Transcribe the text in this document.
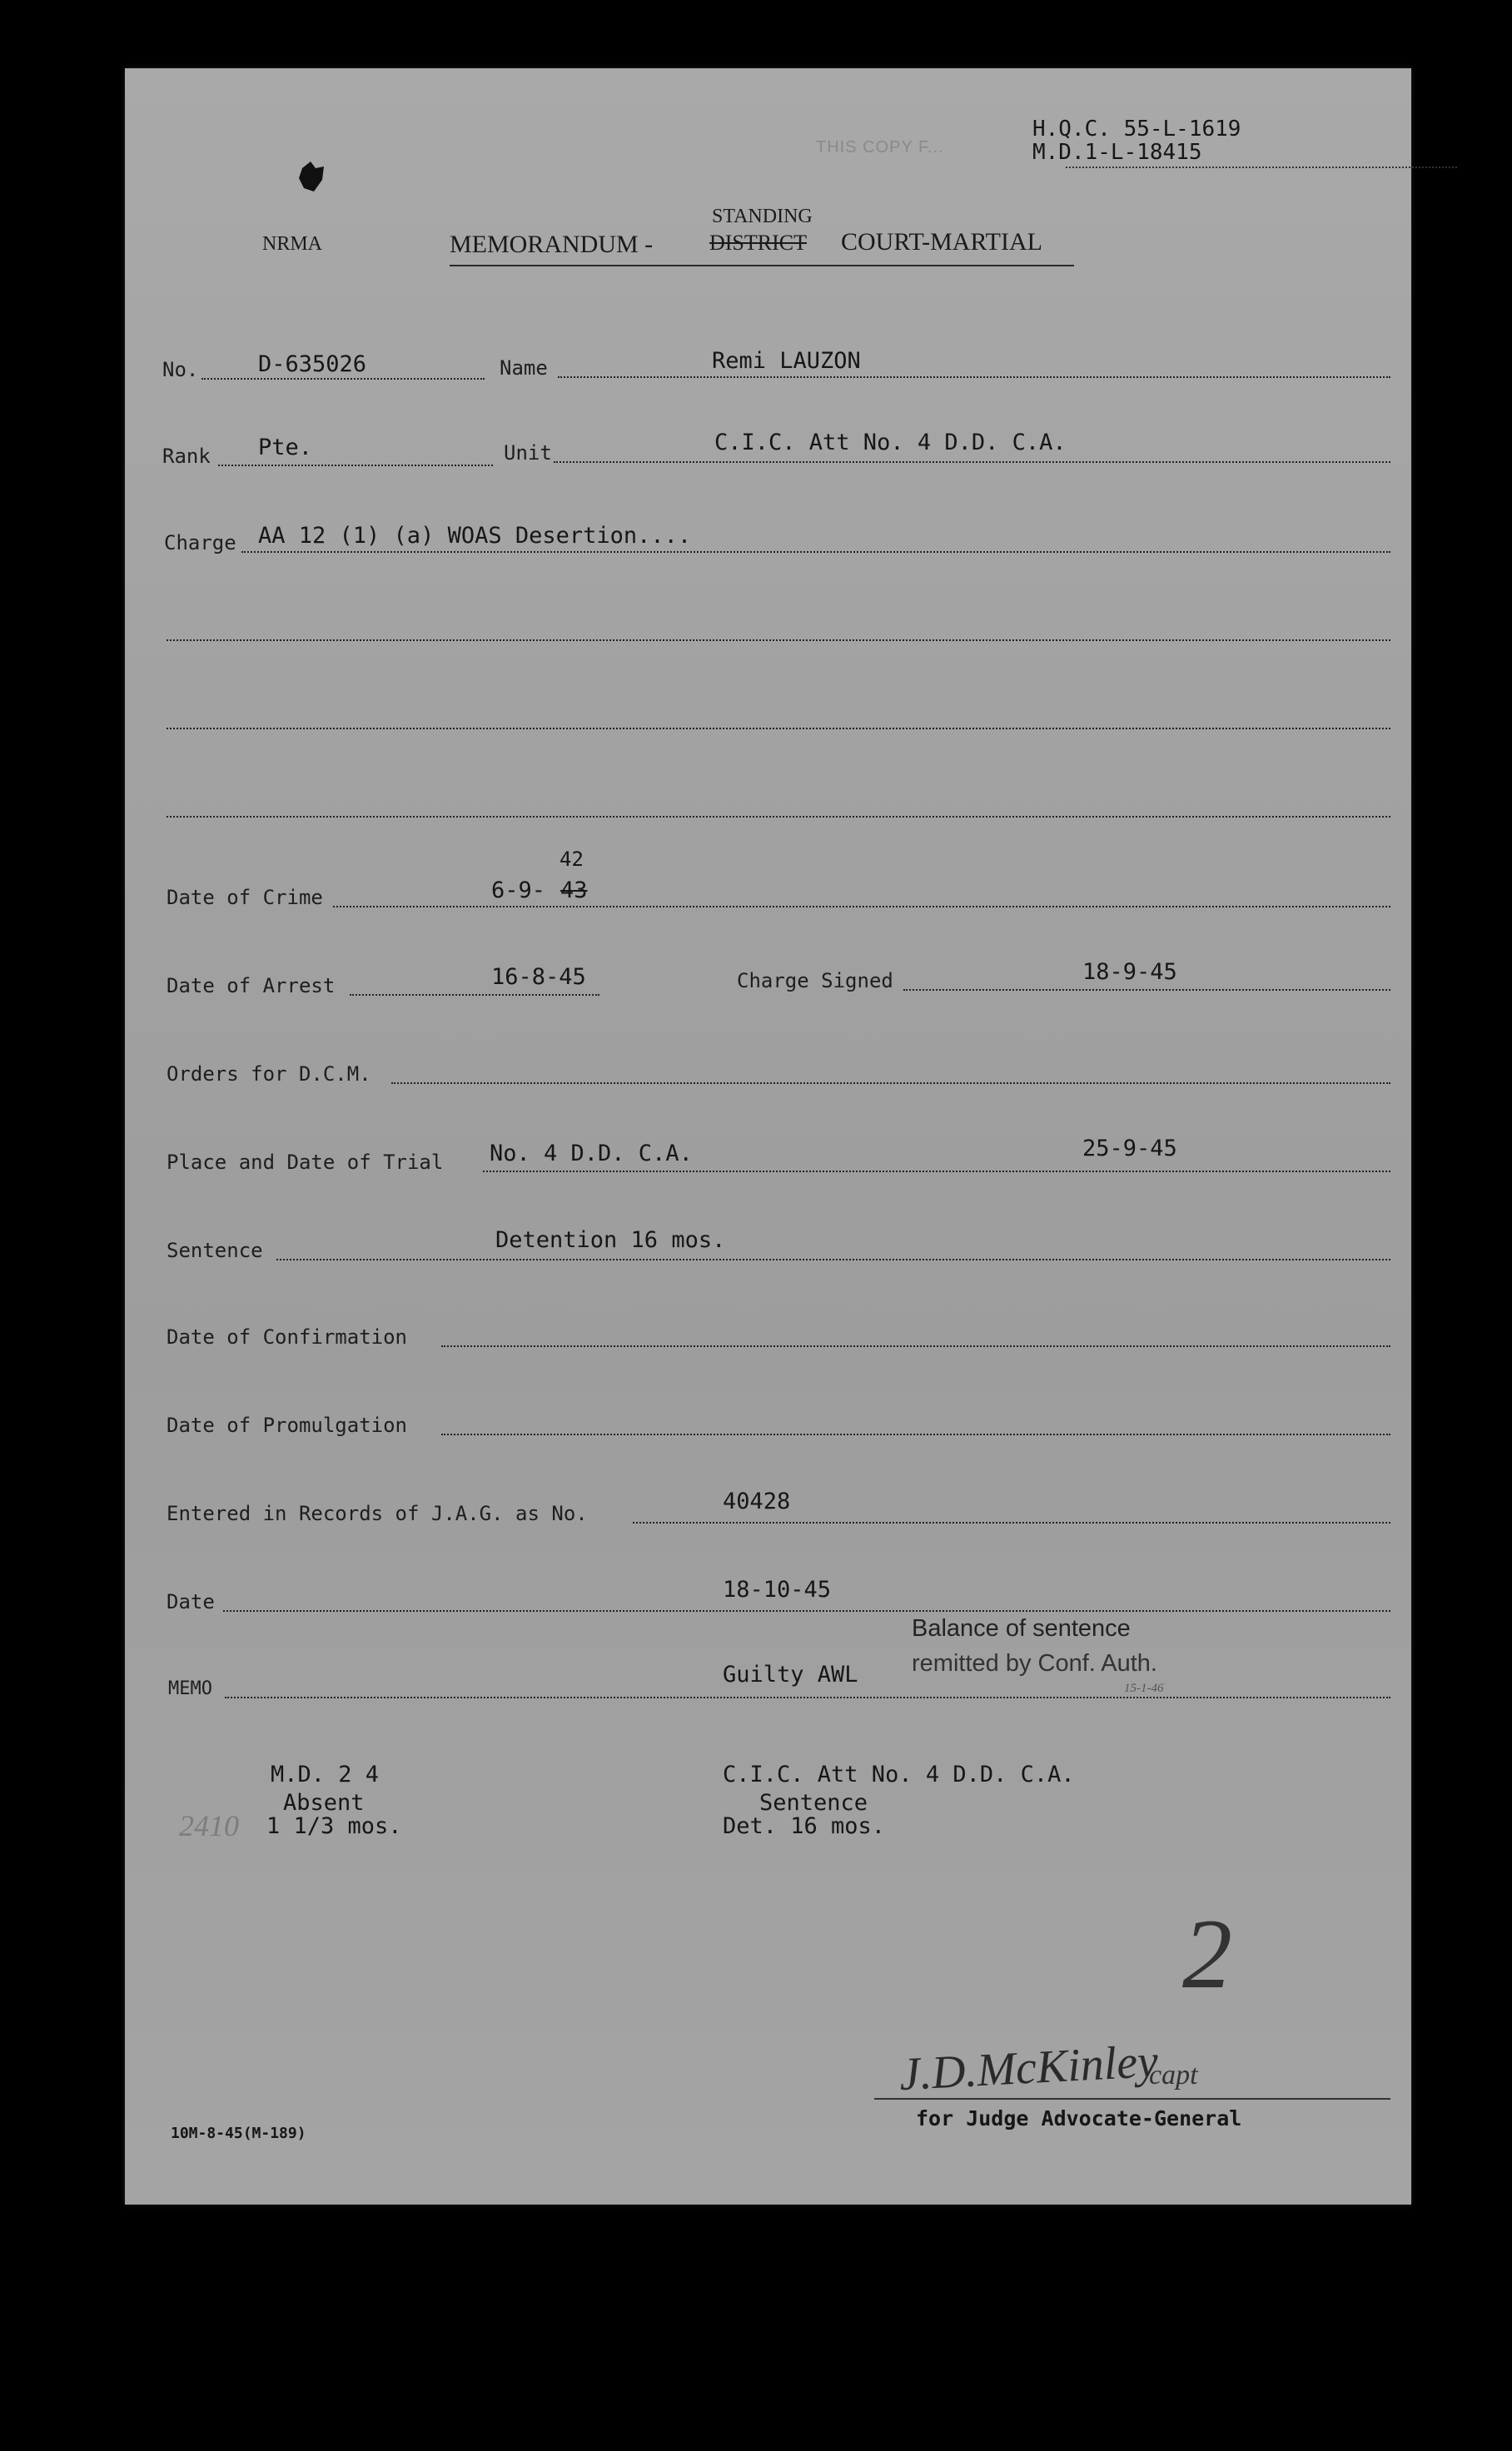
H.Q.C. 55-L-1619
M.D.1-L-18415
THIS COPY F...
NRMA	MEMORANDUM -
STANDING
DISTRICT COURT-MARTIAL
No.	D-635026	Name	Remi LAUZON
Rank Pte.	Unit	C.I.C. Att No. 4 D.D. C.A.
Charge AA 12 (1) (a) WOAS Desertion....
Date of Crime	6-9- 43
42
Date of Arrest	16-8-45	Charge Signed	18-9-45
Orders for D.C.M.
Place and Date of Trial No. 4 D.D. C.A.	25-9-45
Sentence	Detention 16 mos.
Date of Confirmation
Date of Promulgation
Entered in Records of J.A.G. as No.	40428
Date	18-10-45
MEMO
Guilty AWL
Balance of sentence
remitted by Conf. Auth.
15-1-46
M.D. 2 4
Absent
1 1/3 mos.
2410
C.I.C. Att No. 4 D.D. C.A.
Sentence
Det. 16 mos.
2
J.D.McKinley
capt
for Judge Advocate-General
10M-8-45(M-189)
